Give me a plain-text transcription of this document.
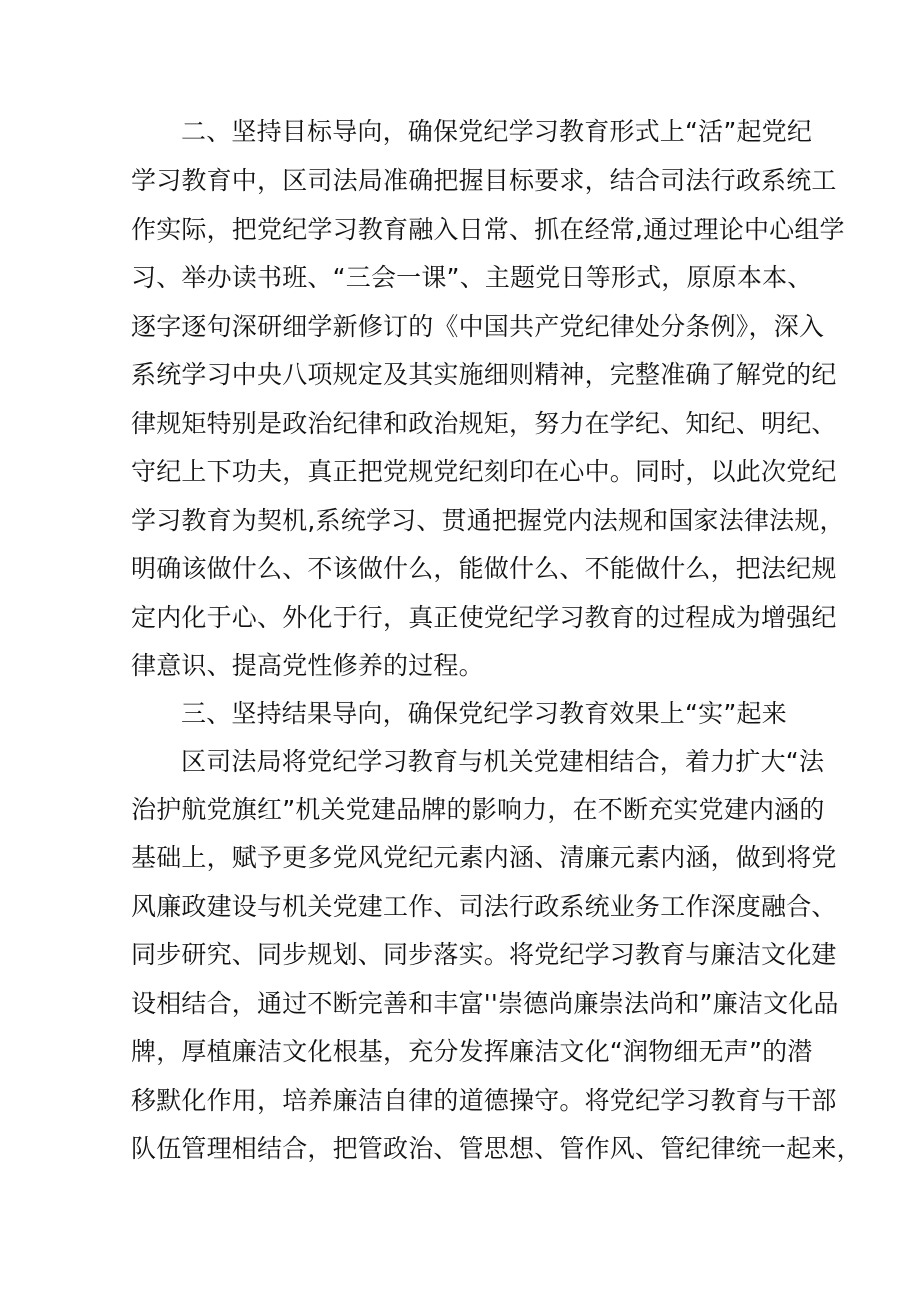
二、坚持目标导向，确保党纪学习教育形式上“活”起党纪
学习教育中，区司法局准确把握目标要求，结合司法行政系统工
作实际，把党纪学习教育融入日常、抓在经常,通过理论中心组学
习、举办读书班、“三会一课”、主题党日等形式，原原本本、
逐字逐句深研细学新修订的《中国共产党纪律处分条例》，深入
系统学习中央八项规定及其实施细则精神，完整准确了解党的纪
律规矩特别是政治纪律和政治规矩，努力在学纪、知纪、明纪、
守纪上下功夫，真正把党规党纪刻印在心中。同时，以此次党纪
学习教育为契机,系统学习、贯通把握党内法规和国家法律法规，
明确该做什么、不该做什么，能做什么、不能做什么，把法纪规
定内化于心、外化于行，真正使党纪学习教育的过程成为增强纪
律意识、提高党性修养的过程。
三、坚持结果导向，确保党纪学习教育效果上“实”起来
区司法局将党纪学习教育与机关党建相结合，着力扩大“法
治护航党旗红”机关党建品牌的影响力，在不断充实党建内涵的
基础上，赋予更多党风党纪元素内涵、清廉元素内涵，做到将党
风廉政建设与机关党建工作、司法行政系统业务工作深度融合、
同步研究、同步规划、同步落实。将党纪学习教育与廉洁文化建
设相结合，通过不断完善和丰富''崇德尚廉崇法尚和”廉洁文化品
牌，厚植廉洁文化根基，充分发挥廉洁文化“润物细无声”的潜
移默化作用，培养廉洁自律的道德操守。将党纪学习教育与干部
队伍管理相结合，把管政治、管思想、管作风、管纪律统一起来，
